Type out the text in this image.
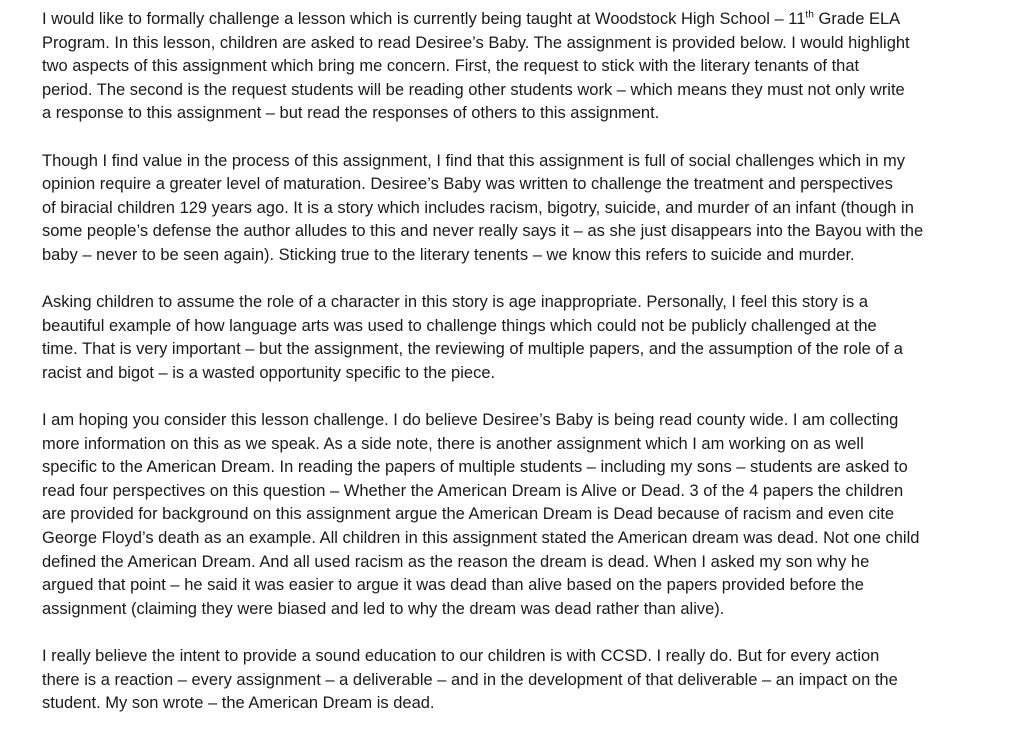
I would like to formally challenge a lesson which is currently being taught at Woodstock High School – 11th Grade ELA
Program. In this lesson, children are asked to read Desiree’s Baby. The assignment is provided below. I would highlight
two aspects of this assignment which bring me concern. First, the request to stick with the literary tenants of that
period. The second is the request students will be reading other students work – which means they must not only write
a response to this assignment – but read the responses of others to this assignment.

Though I find value in the process of this assignment, I find that this assignment is full of social challenges which in my
opinion require a greater level of maturation. Desiree’s Baby was written to challenge the treatment and perspectives
of biracial children 129 years ago. It is a story which includes racism, bigotry, suicide, and murder of an infant (though in
some people’s defense the author alludes to this and never really says it – as she just disappears into the Bayou with the
baby – never to be seen again). Sticking true to the literary tenents – we know this refers to suicide and murder.

Asking children to assume the role of a character in this story is age inappropriate. Personally, I feel this story is a
beautiful example of how language arts was used to challenge things which could not be publicly challenged at the
time. That is very important – but the assignment, the reviewing of multiple papers, and the assumption of the role of a
racist and bigot – is a wasted opportunity specific to the piece.

I am hoping you consider this lesson challenge. I do believe Desiree’s Baby is being read county wide. I am collecting
more information on this as we speak. As a side note, there is another assignment which I am working on as well
specific to the American Dream. In reading the papers of multiple students – including my sons – students are asked to
read four perspectives on this question – Whether the American Dream is Alive or Dead. 3 of the 4 papers the children
are provided for background on this assignment argue the American Dream is Dead because of racism and even cite
George Floyd’s death as an example. All children in this assignment stated the American dream was dead. Not one child
defined the American Dream. And all used racism as the reason the dream is dead. When I asked my son why he
argued that point – he said it was easier to argue it was dead than alive based on the papers provided before the
assignment (claiming they were biased and led to why the dream was dead rather than alive).

I really believe the intent to provide a sound education to our children is with CCSD. I really do. But for every action
there is a reaction – every assignment – a deliverable – and in the development of that deliverable – an impact on the
student. My son wrote – the American Dream is dead.
